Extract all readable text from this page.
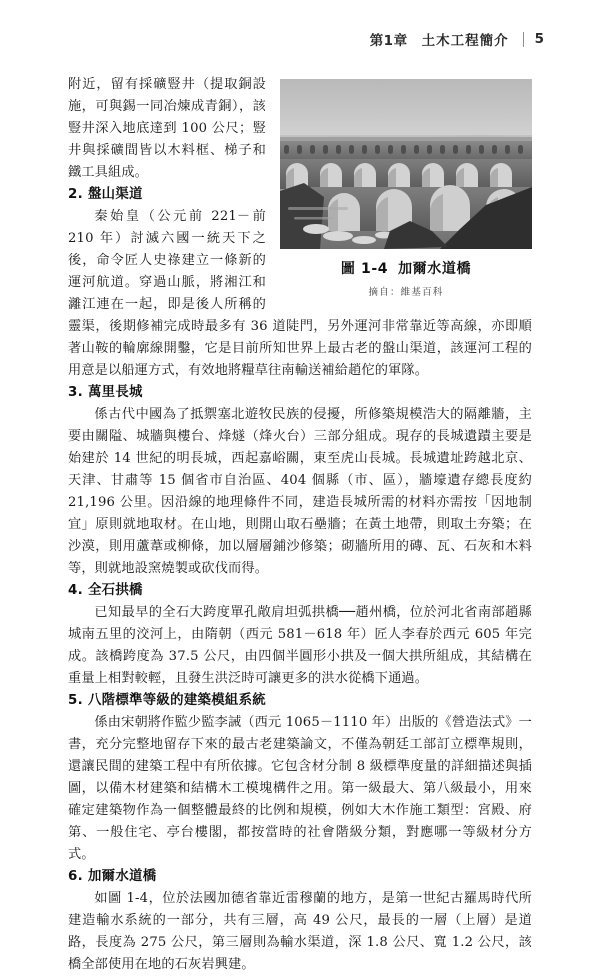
第1章 土木工程簡介 5
圖 1-4 加爾水道橋
摘自：維基百科

附近，留有採礦豎井（提取銅設施，可與錫一同冶煉成青銅），該豎井深入地底達到 100 公尺；豎井與採礦間皆以木料框、梯子和鐵工具組成。

2. 盤山渠道

秦始皇（公元前 221－前 210 年）討滅六國一統天下之後，命令匠人史祿建立一條新的運河航道。穿過山脈，將湘江和灕江連在一起，即是後人所稱的靈渠，後期修補完成時最多有 36 道陡門，另外運河非常靠近等高線，亦即順著山鞍的輪廓線開鑿，它是目前所知世界上最古老的盤山渠道，該運河工程的用意是以船運方式，有效地將糧草往南輸送補給趙佗的軍隊。

3. 萬里長城

係古代中國為了抵禦塞北遊牧民族的侵擾，所修築規模浩大的隔離牆，主要由關隘、城牆與樓台、烽燧（烽火台）三部分組成。現存的長城遺蹟主要是始建於 14 世紀的明長城，西起嘉峪關，東至虎山長城。長城遺址跨越北京、天津、甘肅等 15 個省市自治區、404 個縣（市、區），牆壕遺存總長度約 21,196 公里。因沿線的地理條件不同，建造長城所需的材料亦需按「因地制宜」原則就地取材。在山地，則開山取石壘牆；在黃土地帶，則取土夯築；在沙漠，則用蘆葦或柳條，加以層層鋪沙修築；砌牆所用的磚、瓦、石灰和木料等，則就地設窯燒製或砍伐而得。

4. 全石拱橋

已知最早的全石大跨度單孔敞肩坦弧拱橋──趙州橋，位於河北省南部趙縣城南五里的洨河上，由隋朝（西元 581－618 年）匠人李春於西元 605 年完成。該橋跨度為 37.5 公尺，由四個半圓形小拱及一個大拱所組成，其結構在重量上相對較輕，且發生洪泛時可讓更多的洪水從橋下通過。

5. 八階標準等級的建築模組系統

係由宋朝將作監少監李誡（西元 1065－1110 年）出版的《營造法式》一書，充分完整地留存下來的最古老建築論文，不僅為朝廷工部訂立標準規則，還讓民間的建築工程中有所依據。它包含材分制 8 級標準度量的詳細描述與插圖，以備木材建築和結構木工模塊構件之用。第一級最大、第八級最小，用來確定建築物作為一個整體最終的比例和規模，例如大木作施工類型：宮殿、府第、一般住宅、亭台樓閣，都按當時的社會階級分類，對應哪一等級材分方式。

6. 加爾水道橋

如圖 1-4，位於法國加德省靠近雷穆蘭的地方，是第一世紀古羅馬時代所建造輸水系統的一部分，共有三層，高 49 公尺，最長的一層（上層）是道路，長度為 275 公尺，第三層則為輸水渠道，深 1.8 公尺、寬 1.2 公尺，該橋全部使用在地的石灰岩興建。
